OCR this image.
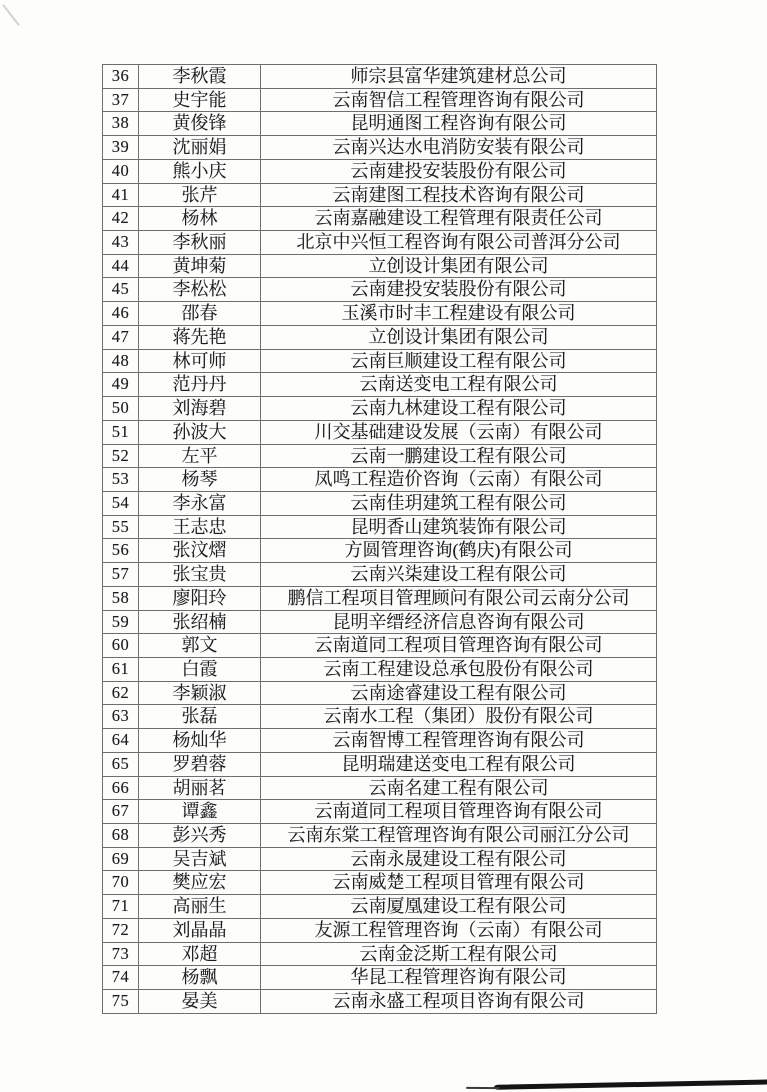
36	李秋霞	师宗县富华建筑建材总公司
37	史宇能	云南智信工程管理咨询有限公司
38	黄俊锋	昆明通图工程咨询有限公司
39	沈丽娟	云南兴达水电消防安装有限公司
40	熊小庆	云南建投安装股份有限公司
41	张芹	云南建图工程技术咨询有限公司
42	杨林	云南嘉融建设工程管理有限责任公司
43	李秋丽	北京中兴恒工程咨询有限公司普洱分公司
44	黄坤菊	立创设计集团有限公司
45	李松松	云南建投安装股份有限公司
46	邵春	玉溪市时丰工程建设有限公司
47	蒋先艳	立创设计集团有限公司
48	林可师	云南巨顺建设工程有限公司
49	范丹丹	云南送变电工程有限公司
50	刘海碧	云南九林建设工程有限公司
51	孙波大	川交基础建设发展（云南）有限公司
52	左平	云南一鹏建设工程有限公司
53	杨琴	凤鸣工程造价咨询（云南）有限公司
54	李永富	云南佳玥建筑工程有限公司
55	王志忠	昆明香山建筑装饰有限公司
56	张汶熠	方圆管理咨询(鹤庆)有限公司
57	张宝贵	云南兴柒建设工程有限公司
58	廖阳玲	鹏信工程项目管理顾问有限公司云南分公司
59	张绍楠	昆明辛缙经济信息咨询有限公司
60	郭文	云南道同工程项目管理咨询有限公司
61	白霞	云南工程建设总承包股份有限公司
62	李颖淑	云南途睿建设工程有限公司
63	张磊	云南水工程（集团）股份有限公司
64	杨灿华	云南智博工程管理咨询有限公司
65	罗碧蓉	昆明瑞建送变电工程有限公司
66	胡丽茗	云南名建工程有限公司
67	谭鑫	云南道同工程项目管理咨询有限公司
68	彭兴秀	云南东棠工程管理咨询有限公司丽江分公司
69	吴吉斌	云南永晟建设工程有限公司
70	樊应宏	云南威楚工程项目管理有限公司
71	高丽生	云南厦凰建设工程有限公司
72	刘晶晶	友源工程管理咨询（云南）有限公司
73	邓超	云南金泛斯工程有限公司
74	杨飘	华昆工程管理咨询有限公司
75	晏美	云南永盛工程项目咨询有限公司
